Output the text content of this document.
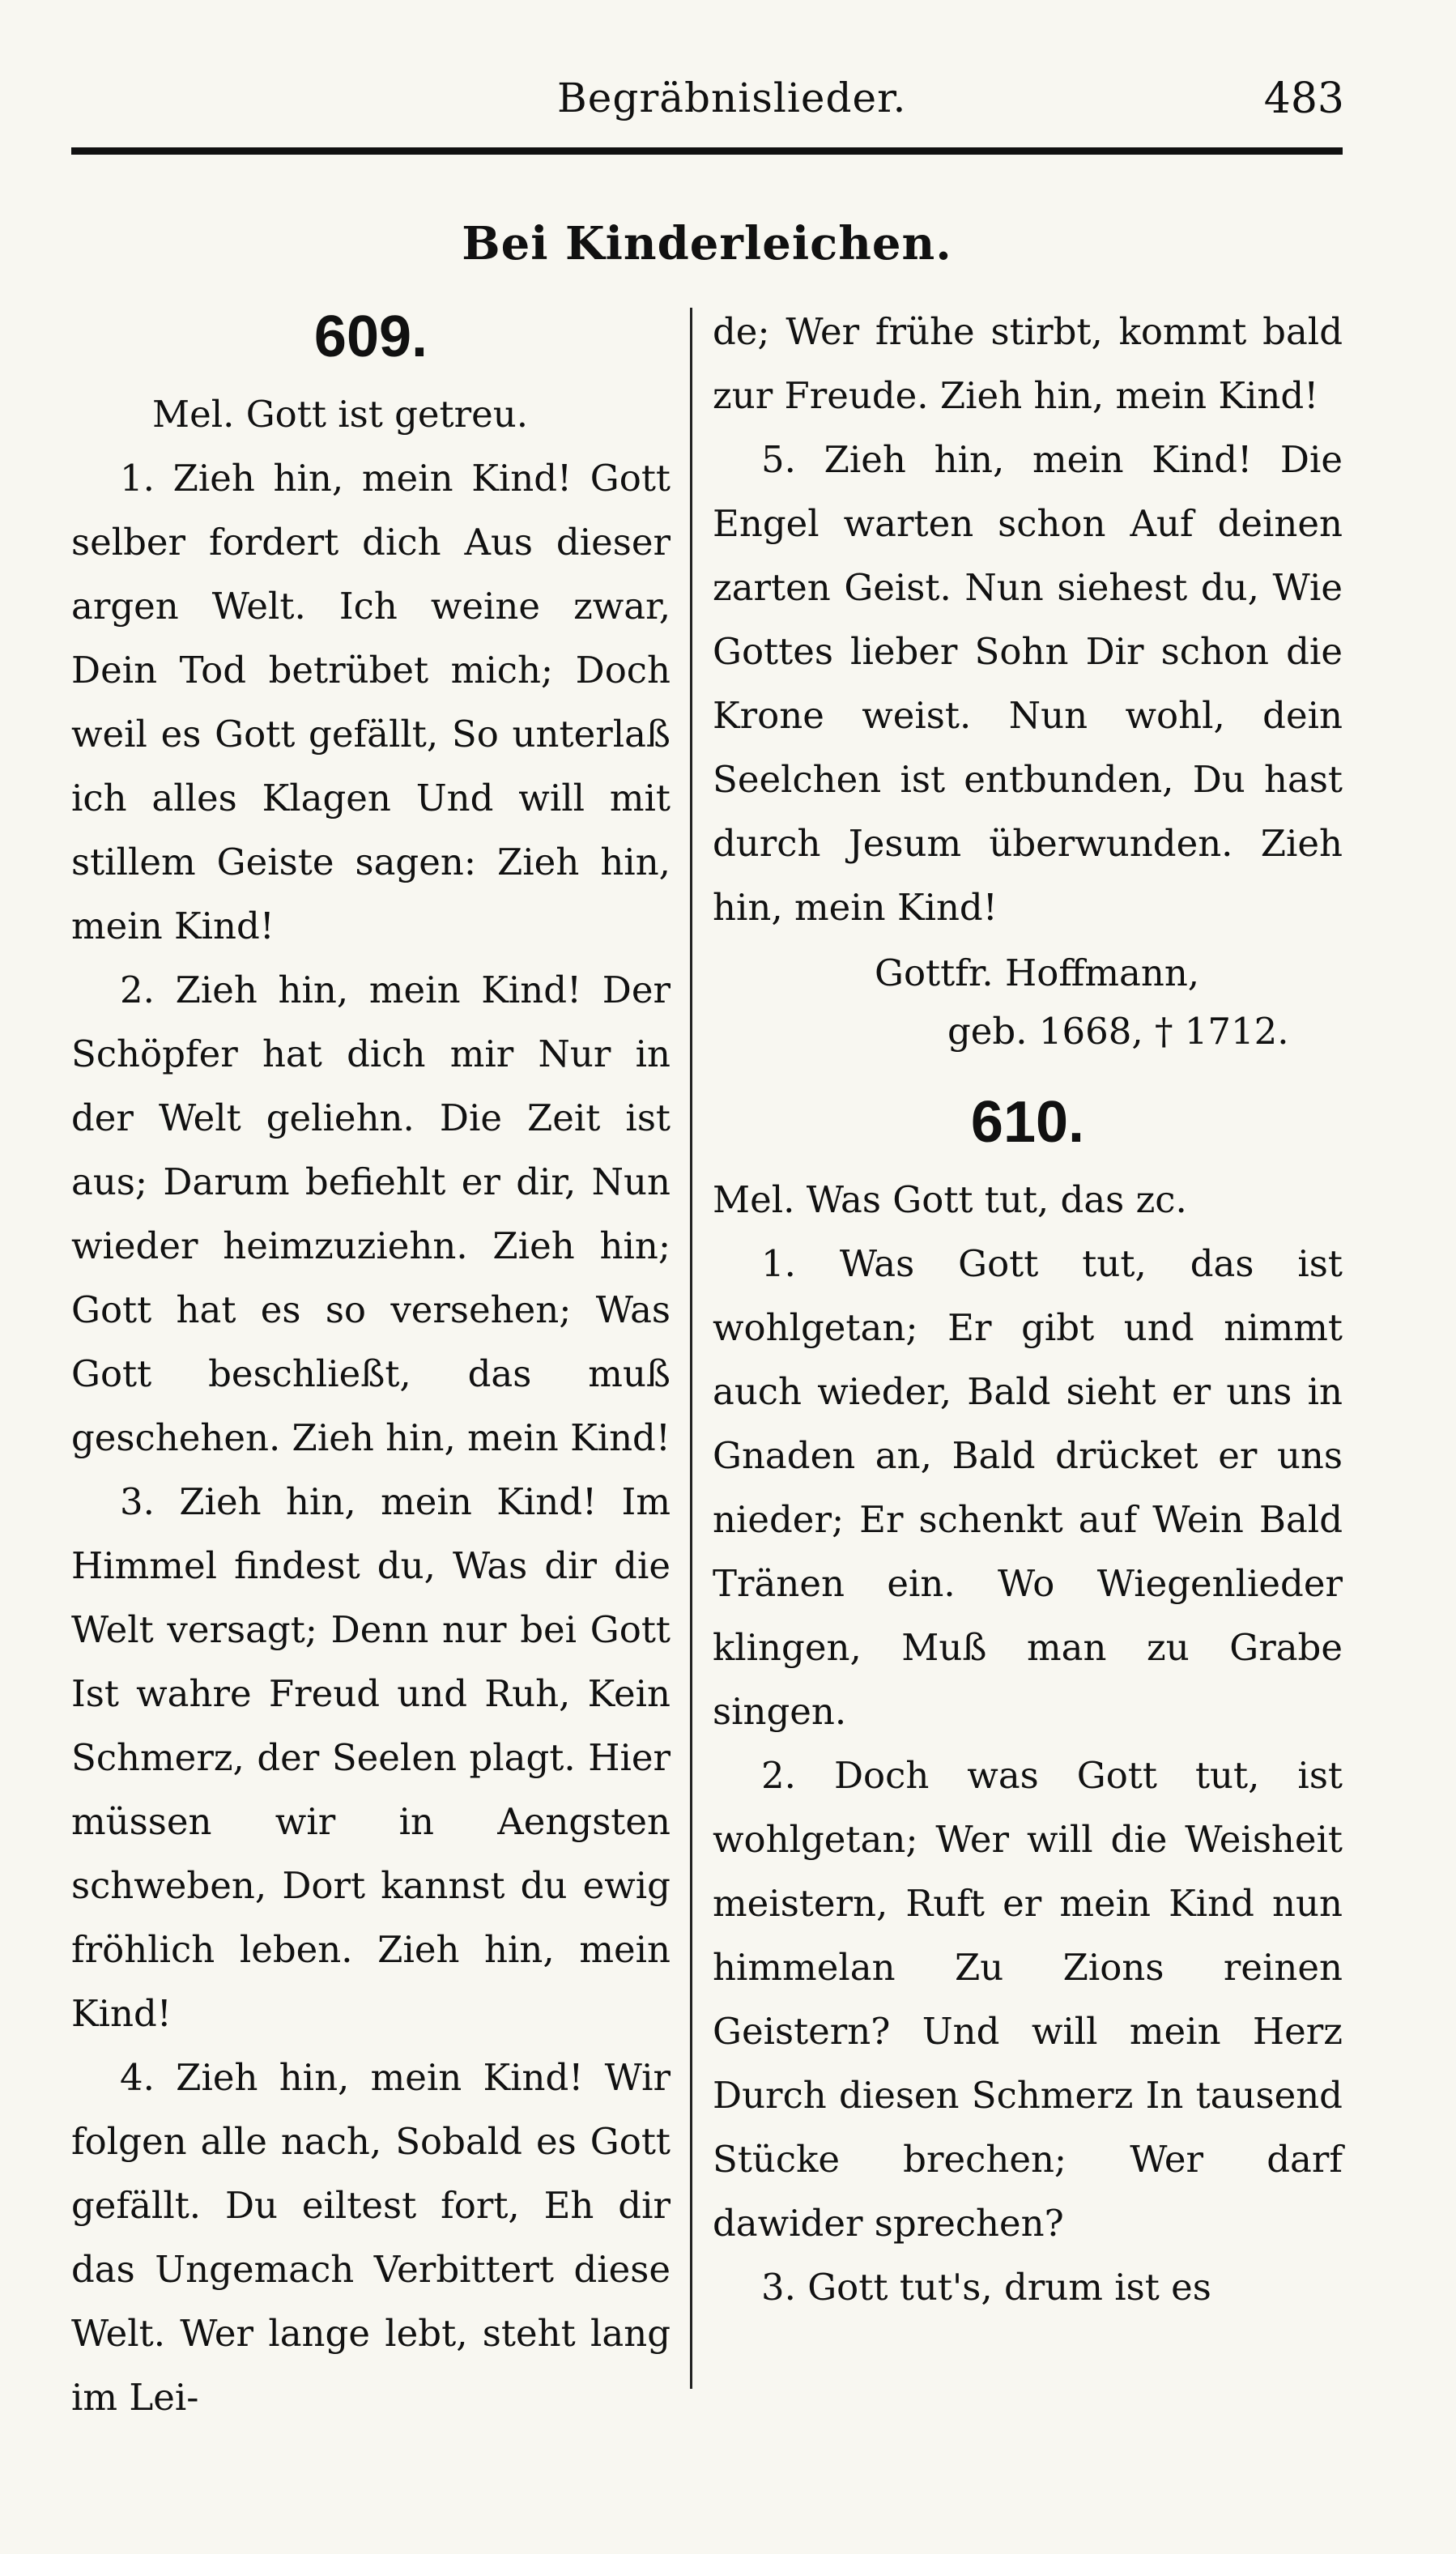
Begräbnislieder.	483
Bei Kinderleichen.
609.

Mel. Gott ist getreu.

1. Zieh hin, mein Kind! Gott selber fordert dich Aus dieser argen Welt. Ich weine zwar, Dein Tod betrübet mich; Doch weil es Gott gefällt, So unterlaß ich alles Klagen Und will mit stillem Geiste sagen: Zieh hin, mein Kind!

2. Zieh hin, mein Kind! Der Schöpfer hat dich mir Nur in der Welt geliehn. Die Zeit ist aus; Darum befiehlt er dir, Nun wieder heimzuziehn. Zieh hin; Gott hat es so versehen; Was Gott beschließt, das muß geschehen. Zieh hin, mein Kind!

3. Zieh hin, mein Kind! Im Himmel findest du, Was dir die Welt versagt; Denn nur bei Gott Ist wahre Freud und Ruh, Kein Schmerz, der Seelen plagt. Hier müssen wir in Aengsten schweben, Dort kannst du ewig fröhlich leben. Zieh hin, mein Kind!

4. Zieh hin, mein Kind! Wir folgen alle nach, Sobald es Gott gefällt. Du eiltest fort, Eh dir das Ungemach Verbittert diese Welt. Wer lange lebt, steht lang im Lei-

de; Wer frühe stirbt, kommt bald zur Freude. Zieh hin, mein Kind!

5. Zieh hin, mein Kind! Die Engel warten schon Auf deinen zarten Geist. Nun siehest du, Wie Gottes lieber Sohn Dir schon die Krone weist. Nun wohl, dein Seelchen ist entbunden, Du hast durch Jesum überwunden. Zieh hin, mein Kind!

Gottfr. Hoffmann,
geb. 1668, † 1712.
610.

Mel. Was Gott tut, das zc.

1. Was Gott tut, das ist wohlgetan; Er gibt und nimmt auch wieder, Bald sieht er uns in Gnaden an, Bald drücket er uns nieder; Er schenkt auf Wein Bald Tränen ein. Wo Wiegenlieder klingen, Muß man zu Grabe singen.

2. Doch was Gott tut, ist wohlgetan; Wer will die Weisheit meistern, Ruft er mein Kind nun himmelan Zu Zions reinen Geistern? Und will mein Herz Durch diesen Schmerz In tausend Stücke brechen; Wer darf dawider sprechen?

3. Gott tut's, drum ist es
